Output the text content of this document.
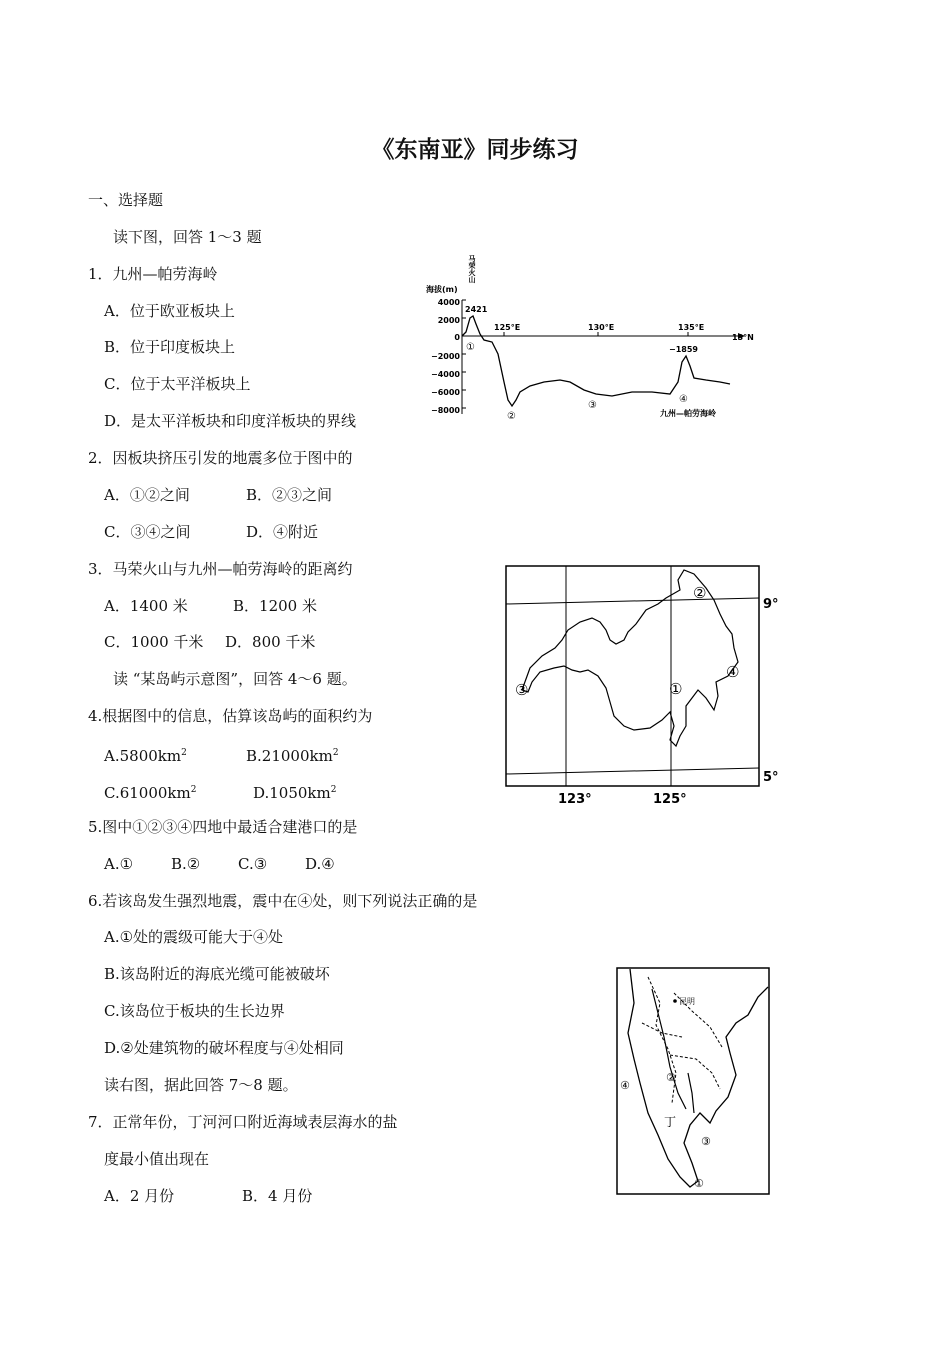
《东南亚》同步练习
一、选择题
读下图，回答 1～3 题
1．九州—帕劳海岭
A．位于欧亚板块上
B．位于印度板块上
C．位于太平洋板块上
D．是太平洋板块和印度洋板块的界线
2．因板块挤压引发的地震多位于图中的
A．①②之间	B．②③之间
C．③④之间	D．④附近
3．马荣火山与九州—帕劳海岭的距离约
A．1400 米	B．1200 米
C．1000 千米 D．800 千米
读 “某岛屿示意图”，回答 4～6 题。
4.根据图中的信息，估算该岛屿的面积约为
$A.5800km^2$	$B.21000km^2$
$C.61000km^2$	$D.1050km^2$
5.图中①②③④四地中最适合建港口的是
A.①	B.②	C.③	D.④
6.若该岛发生强烈地震，震中在④处，则下列说法正确的是
A.①处的震级可能大于④处
B.该岛附近的海底光缆可能被破坏
C.该岛位于板块的生长边界
D.②处建筑物的破坏程度与④处相同
读右图，据此回答 7～8 题。
7．正常年份，丁河河口附近海域表层海水的盐
度最小值出现在
A．2 月份	B．4 月份
马荣火山
海拔(m)
4000
2000
0
−2000
−4000
−6000
−8000
125°E	130°E	135°E
13°N
2421
−1859
①
②
③
④
九州—帕劳海岭
①
②
③
④
9°
5°
123°	125°
昆明
丁
①
②
③
④
